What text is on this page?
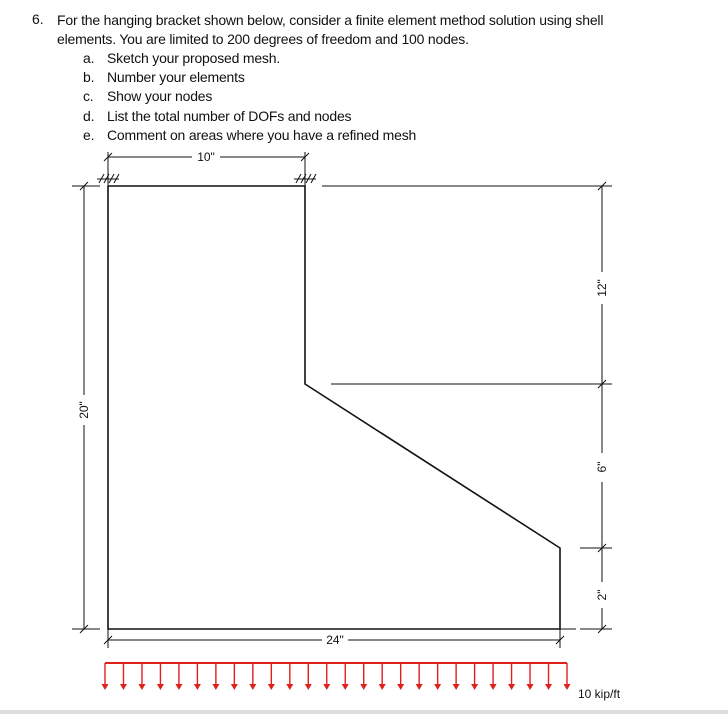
6. For the hanging bracket shown below, consider a finite element method solution using shell elements. You are limited to 200 degrees of freedom and 100 nodes.
a. Sketch your proposed mesh.
b. Number your elements
c. Show your nodes
d. List the total number of DOFs and nodes
e. Comment on areas where you have a refined mesh
10"
20"
24"
12"
6"
2"
10 kip/ft
